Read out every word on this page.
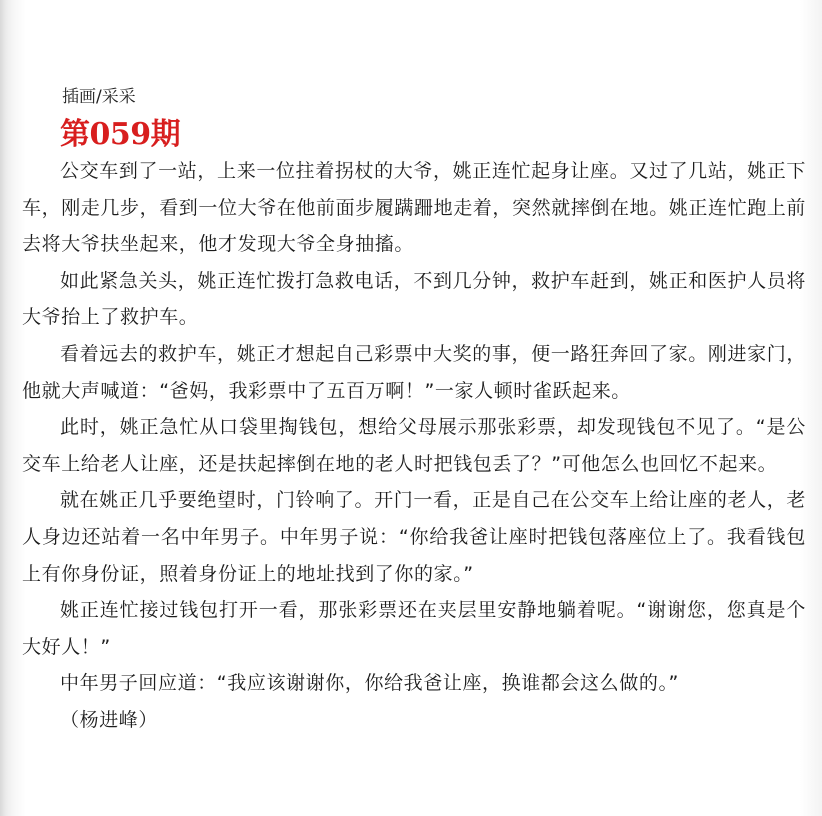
插画/采采
第059期

公交车到了一站，上来一位拄着拐杖的大爷，姚正连忙起身让座。又过了几站，姚正下车，刚走几步，看到一位大爷在他前面步履蹒跚地走着，突然就摔倒在地。姚正连忙跑上前去将大爷扶坐起来，他才发现大爷全身抽搐。

如此紧急关头，姚正连忙拨打急救电话，不到几分钟，救护车赶到，姚正和医护人员将大爷抬上了救护车。

看着远去的救护车，姚正才想起自己彩票中大奖的事，便一路狂奔回了家。刚进家门，他就大声喊道：“爸妈，我彩票中了五百万啊！”一家人顿时雀跃起来。

此时，姚正急忙从口袋里掏钱包，想给父母展示那张彩票，却发现钱包不见了。“是公交车上给老人让座，还是扶起摔倒在地的老人时把钱包丢了？”可他怎么也回忆不起来。

就在姚正几乎要绝望时，门铃响了。开门一看，正是自己在公交车上给让座的老人，老人身边还站着一名中年男子。中年男子说：“你给我爸让座时把钱包落座位上了。我看钱包上有你身份证，照着身份证上的地址找到了你的家。”

姚正连忙接过钱包打开一看，那张彩票还在夹层里安静地躺着呢。“谢谢您，您真是个大好人！”

中年男子回应道：“我应该谢谢你，你给我爸让座，换谁都会这么做的。”

（杨进峰）
